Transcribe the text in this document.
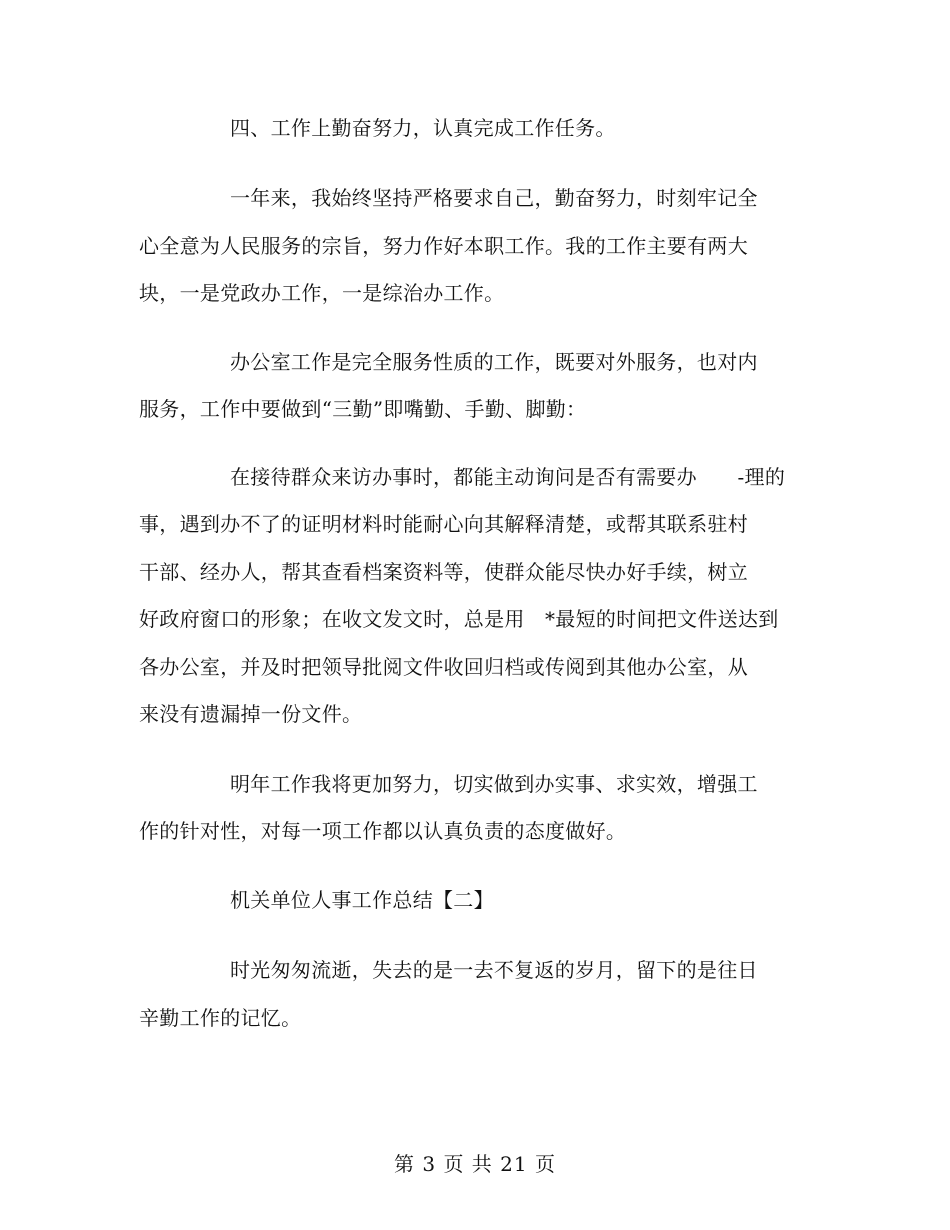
四、工作上勤奋努力，认真完成工作任务。
一年来，我始终坚持严格要求自己，勤奋努力，时刻牢记全
心全意为人民服务的宗旨，努力作好本职工作。我的工作主要有两大
块，一是党政办工作，一是综治办工作。
办公室工作是完全服务性质的工作，既要对外服务，也对内
服务，工作中要做到“三勤”即嘴勤、手勤、脚勤：
在接待群众来访办事时，都能主动询问是否有需要办　　-理的
事，遇到办不了的证明材料时能耐心向其解释清楚，或帮其联系驻村
干部、经办人，帮其查看档案资料等，使群众能尽快办好手续，树立
好政府窗口的形象；在收文发文时，总是用　*最短的时间把文件送达到
各办公室，并及时把领导批阅文件收回归档或传阅到其他办公室，从
来没有遗漏掉一份文件。
明年工作我将更加努力，切实做到办实事、求实效，增强工
作的针对性，对每一项工作都以认真负责的态度做好。
机关单位人事工作总结【二】
时光匆匆流逝，失去的是一去不复返的岁月，留下的是往日
辛勤工作的记忆。
第 3 页 共 21 页
